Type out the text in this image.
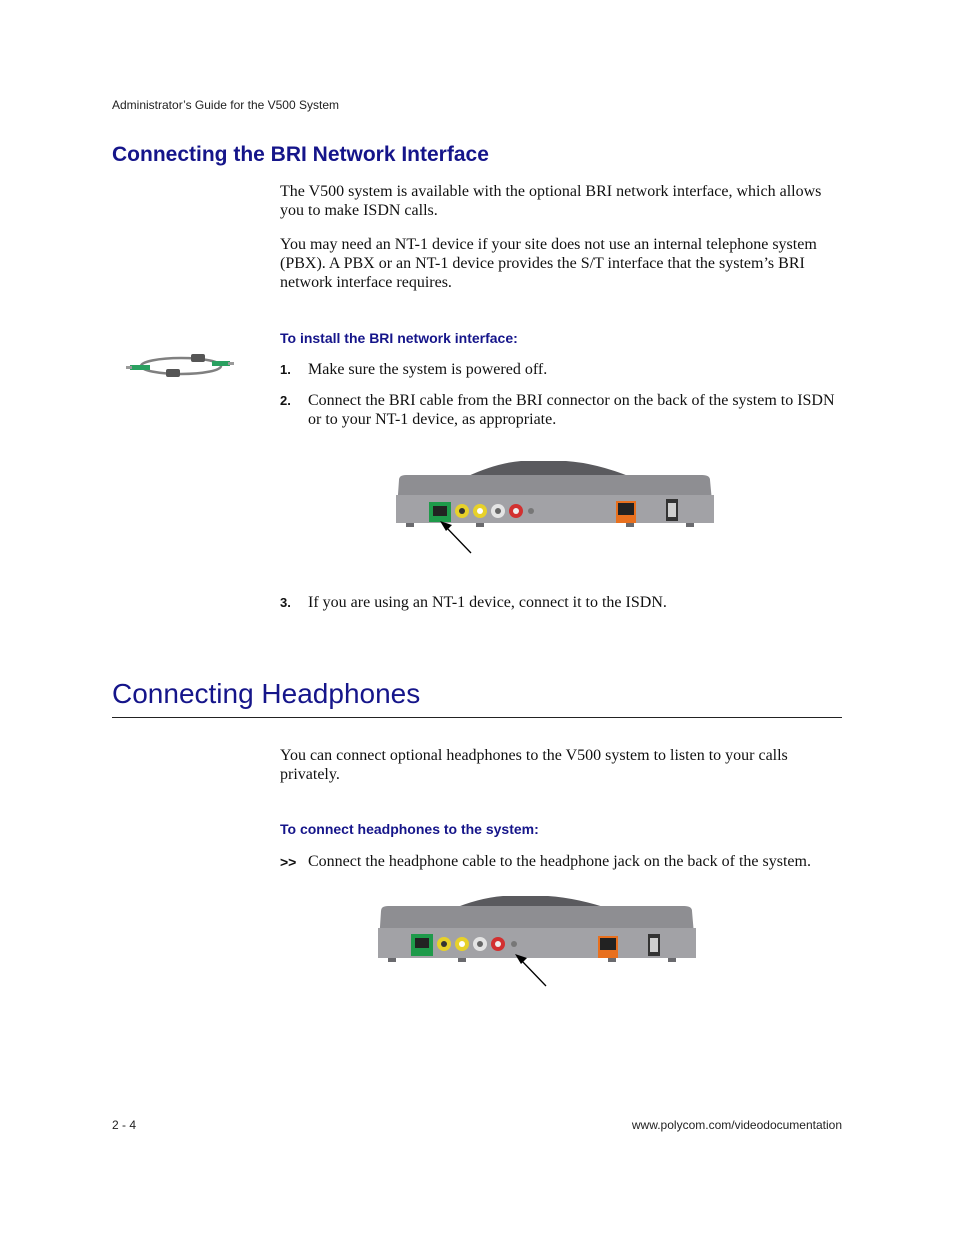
Administrator’s Guide for the V500 System
Connecting the BRI Network Interface
The V500 system is available with the optional BRI network interface, which allows you to make ISDN calls.
You may need an NT-1 device if your site does not use an internal telephone system (PBX). A PBX or an NT-1 device provides the S/T interface that the system’s BRI network interface requires.
To install the BRI network interface:
1. Make sure the system is powered off.
2. Connect the BRI cable from the BRI connector on the back of the system to ISDN or to your NT-1 device, as appropriate.
3. If you are using an NT-1 device, connect it to the ISDN.
Connecting Headphones
You can connect optional headphones to the V500 system to listen to your calls privately.
To connect headphones to the system:
>> Connect the headphone cable to the headphone jack on the back of the system.
2 - 4	www.polycom.com/videodocumentation
